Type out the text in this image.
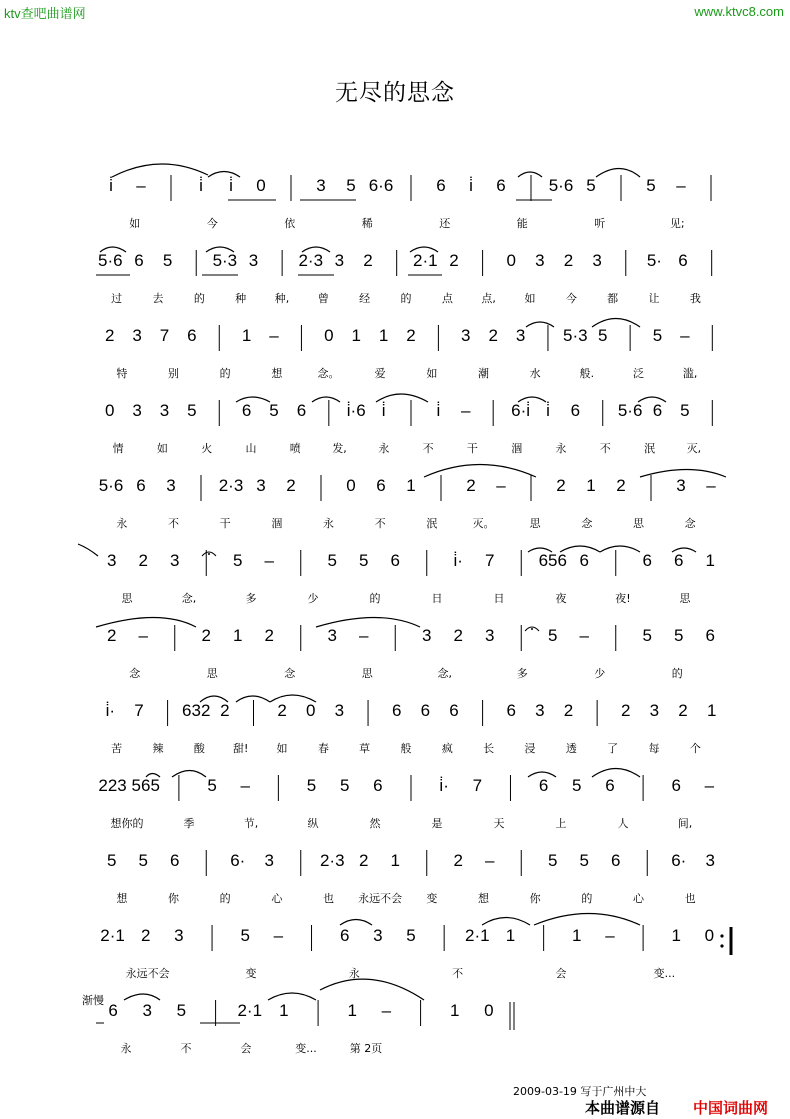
ktv查吧曲谱网	www.ktvc8.com
无尽的思念
i̇ –	i̇ i̇ 0	3 5 6·6	6 i̇ 6	5·6 5	5 –
如	今	依	稀	还	能	听	见;
5·6 6 5 5·3 3 2·3 3 2 2·1 2	0 3 2 3	5· 6
过	去	的	种	种,	曾	经	的	点	点,	如	今	都	让	我
2 3 7 6	1 –	0 1 1 2	3 2 3 5·3 5	5 –
特	别	的	想	念。	爱	如	潮	水	般.	泛	滥,
0 3 3 5	6 5 6 i̇·6 i̇	i̇ – 6·i̇ i̇ 6 5·6 6 5
情	如	火	山	喷	发,	永	不	干	涸	永	不	泯	灭,
5·6 6 3	2·3 3 2	0 6 1	2 –	2 1 2	3 –
永	不	干	涸	永	不	泯	灭。	思	念	思	念
3 2 3	5 –	5 5 6	i̇· 7	656 6	6 6 1
思	念,	多	少	的	日	日	夜	夜!	思
2 –	2 1 2	3 –	3 2 3	5 –	5 5 6
念	思	念	思	念,	多	少	的
i̇· 7 632 2	2 0 3	6 6 6	6 3 2	2 3 2 1
苦	辣	酸	甜!	如	春	草	般	疯	长	浸	透	了	每	个
223 565	5 –	5 5 6	i̇· 7	6 5 6	6 –
想你的	季	节,	纵	然	是	天	上	人	间,
5 5 6	6· 3	2·3 2 1	2 –	5 5 6	6· 3
想	你	的	心	也 永远不会 变	想	你	的	心	也
2·1 2 3	5 –	6 3 5	2·1 1	1 –	1 0
永远不会	变	永	不	会	变...
6 3 5	2·1 1	1 –	1 0
永	不	会	变...	第 2页
渐慢
2009-03-19 写于广州中大
本曲谱源自 中国词曲网
